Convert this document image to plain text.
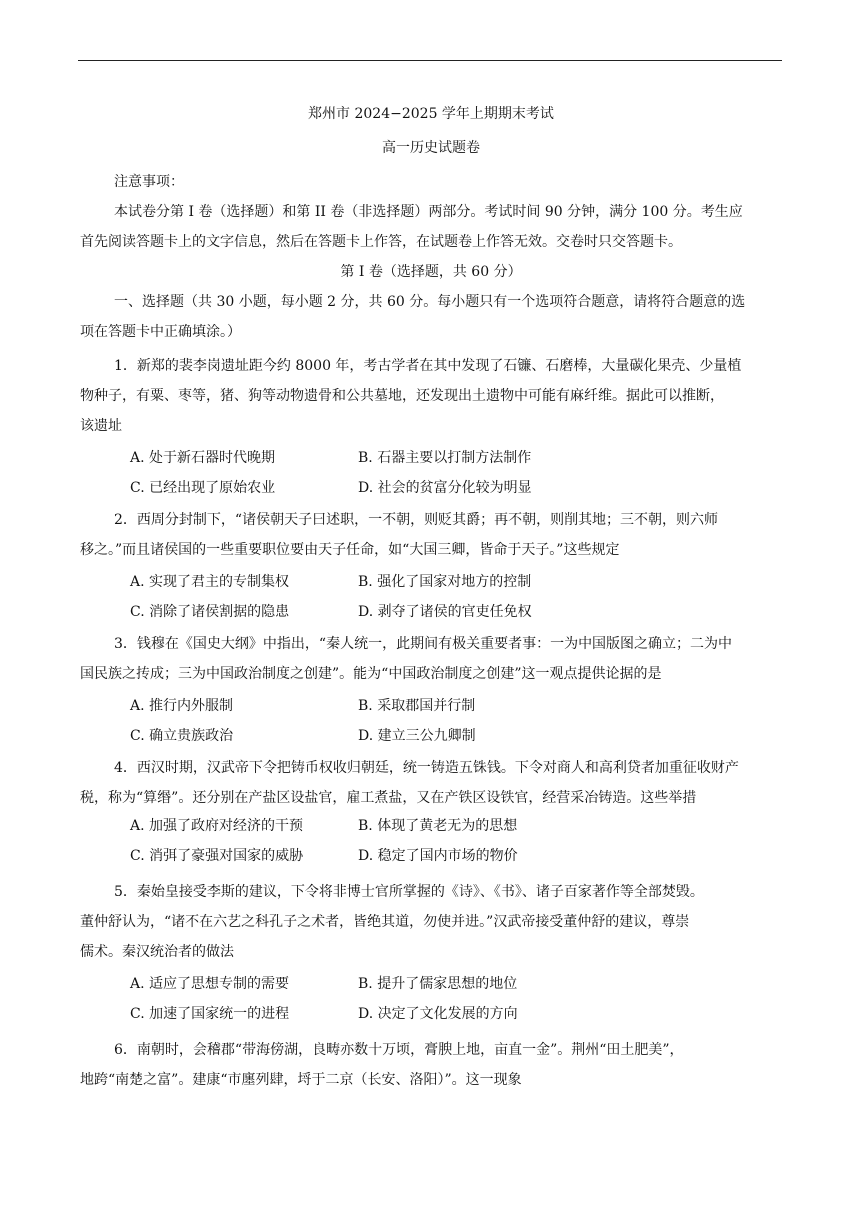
郑州市 2024−2025 学年上期期末考试
高一历史试题卷
注意事项：
本试卷分第 I 卷（选择题）和第 II 卷（非选择题）两部分。考试时间 90 分钟，满分 100 分。考生应
首先阅读答题卡上的文字信息，然后在答题卡上作答，在试题卷上作答无效。交卷时只交答题卡。
第 I 卷（选择题，共 60 分）
一、选择题（共 30 小题，每小题 2 分，共 60 分。每小题只有一个选项符合题意，请将符合题意的选
项在答题卡中正确填涂。）
1．新郑的裴李岗遗址距今约 8000 年，考古学者在其中发现了石镰、石磨棒，大量碳化果壳、少量植
物种子，有粟、枣等，猪、狗等动物遗骨和公共墓地，还发现出土遗物中可能有麻纤维。据此可以推断，
该遗址
A. 处于新石器时代晚期	B. 石器主要以打制方法制作
C. 已经出现了原始农业	D. 社会的贫富分化较为明显
2．西周分封制下，“诸侯朝天子曰述职，一不朝，则贬其爵；再不朝，则削其地；三不朝，则六师
移之。”而且诸侯国的一些重要职位要由天子任命，如“大国三卿，皆命于天子。”这些规定
A. 实现了君主的专制集权	B. 强化了国家对地方的控制
C. 消除了诸侯割据的隐患	D. 剥夺了诸侯的官吏任免权
3．钱穆在《国史大纲》中指出，“秦人统一，此期间有极关重要者事：一为中国版图之确立；二为中
国民族之抟成；三为中国政治制度之创建”。能为“中国政治制度之创建”这一观点提供论据的是
A. 推行内外服制	B. 采取郡国并行制
C. 确立贵族政治	D. 建立三公九卿制
4．西汉时期，汉武帝下令把铸币权收归朝廷，统一铸造五铢钱。下令对商人和高利贷者加重征收财产
税，称为“算缗”。还分别在产盐区设盐官，雇工煮盐，又在产铁区设铁官，经营采冶铸造。这些举措
A. 加强了政府对经济的干预	B. 体现了黄老无为的思想
C. 消弭了豪强对国家的威胁	D. 稳定了国内市场的物价
5．秦始皇接受李斯的建议，下令将非博士官所掌握的《诗》、《书》、诸子百家著作等全部焚毁。
董仲舒认为，“诸不在六艺之科孔子之术者，皆绝其道，勿使并进。”汉武帝接受董仲舒的建议，尊崇
儒术。秦汉统治者的做法
A. 适应了思想专制的需要	B. 提升了儒家思想的地位
C. 加速了国家统一的进程	D. 决定了文化发展的方向
6．南朝时，会稽郡“带海傍湖，良畴亦数十万顷，膏腴上地，亩直一金”。荆州“田土肥美”，
地跨“南楚之富”。建康“市廛列肆，埒于二京（长安、洛阳）”。这一现象
